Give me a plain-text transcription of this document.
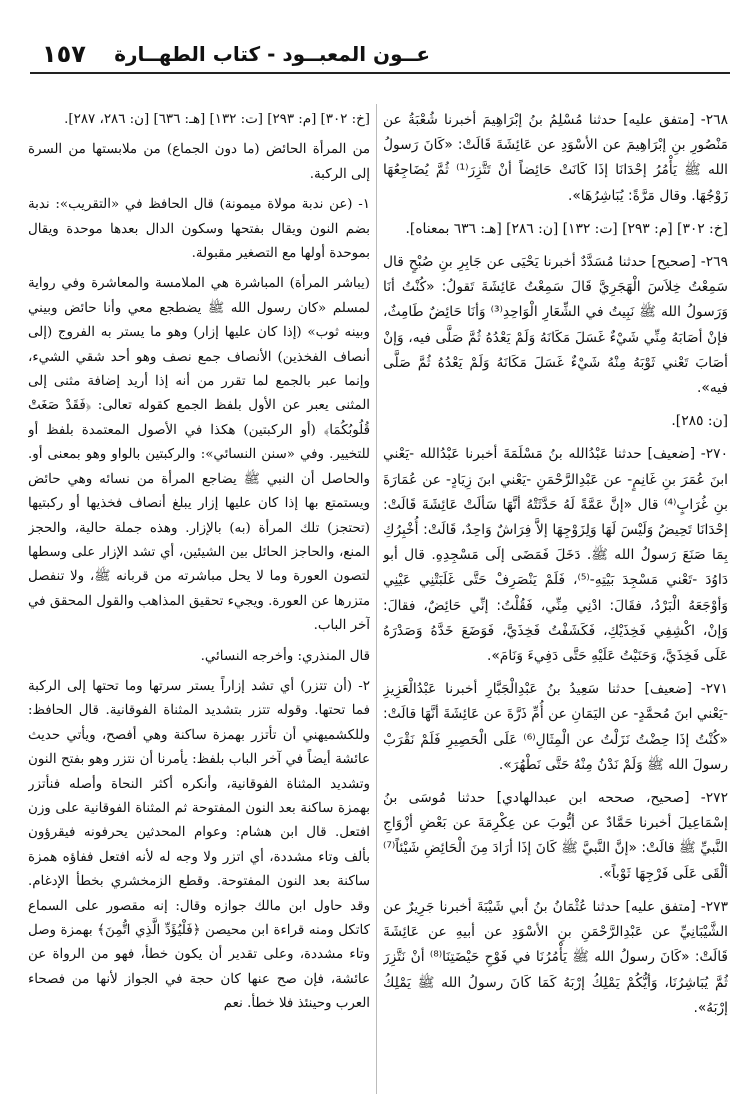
١٥٧ عــون المعبــود - كتاب الطهــارة

٢٦٨- [متفق عليه] حدثنا مُسْلِمُ بنُ إبْرَاهِيمَ أخبرنا شُعْبَةُ عن مَنْصُورِ بنِ إبْرَاهِيمَ عن الأسْوَدِ عن عَائِشَةَ قَالَتْ: «كَانَ رَسولُ الله ﷺ يَأْمُرُ إحْدَانَا إذَا كَانَتْ حَائِضاً أنْ تَتَّزِرَ⁽¹⁾ ثُمَّ يُضَاجِعُهَا زَوْجُهَا. وقال مَرَّةً: يُبَاشِرُهَا».

[خ: ٣٠٢] [م: ٢٩٣] [ت: ١٣٢] [ن: ٢٨٦] [هـ: ٦٣٦ بمعناه].

٢٦٩- [صحيح] حدثنا مُسَدَّدٌ أخبرنا يَحْيَى عن جَابِرِ بنِ صُبْحٍ قال سَمِعْتُ خِلاَسَ الْهَجَرِيَّ قَالَ سَمِعْتُ عَائِشَةَ تَقولُ: «كُنْتُ أنَا وَرَسولُ الله ﷺ نَبِيتُ في الشِّعَارِ الْوَاحِدِ⁽³⁾ وَأنَا حَائِضٌ طَامِثٌ، فإنْ أصَابَهُ مِنِّي شَيْءٌ غَسَلَ مَكَانَهُ وَلَمْ يَعْدُهُ ثُمَّ صَلَّى فيه، وَإنْ أصَابَ تَعْني ثَوْبَهُ مِنْهُ شَيْءٌ غَسَلَ مَكَانَهُ وَلَمْ يَعْدُهُ ثُمَّ صَلَّى فيه».

[ن: ٢٨٥].

٢٧٠- [ضعيف] حدثنا عَبْدُالله بنُ مَسْلَمَةَ أخبرنا عَبْدُالله -يَعْني ابنَ عُمَرَ بنِ غَانِمٍ- عن عَبْدِالرَّحْمَنِ -يَعْني ابنَ زِيَادٍ- عن عُمَارَةَ بنِ غُرَابٍ⁽⁴⁾ قال «إنَّ عَمَّةً لَهُ حَدَّثَتْهُ أنَّهَا سَألَتْ عَائِشَةَ قَالَتْ: إحْدَانَا تَحِيضُ وَلَيْسَ لَهَا وَلِزَوْجِهَا إلاَّ فِرَاشٌ وَاحِدٌ، قَالَتْ: أُخْبِرُكِ بِمَا صَنَعَ رَسولُ الله ﷺ. دَخَلَ فَمَضَى إلَى مَسْجِدِهِ. قال أبو دَاوُدَ -تَعْني مَسْجِدَ بَيْتِهِ-⁽⁵⁾، فَلَمْ يَنْصَرِفْ حَتَّى غَلَبَتْنِي عَيْنِي وَأوْجَعَهُ الْبَرْدُ، فقَالَ: ادْنِي مِنِّي، فَقُلْتُ: إنِّي حَائِضٌ، فقالَ: وَإنْ، اكْشِفِي فَخِذَيْكِ، فَكَشَفْتُ فَخِذَيَّ، فَوَضَعَ خَدَّهُ وَصَدْرَهُ عَلَى فَخِذَيَّ، وَحَنَيْتُ عَلَيْهِ حَتَّى دَفِيءَ وَنَامَ».

٢٧١- [ضعيف] حدثنا سَعِيدُ بنُ عَبْدِالْجَبَّارِ أخبرنا عَبْدُالْعَزِيزِ -يَعْني ابنَ مُحمَّدٍ- عن اليَمَانِ عن أُمِّ ذَرَّةَ عن عَائِشَةَ أنَّهَا قالَتْ: «كُنْتُ إذَا حِضْتُ نَزَلْتُ عن الْمِثَالِ⁽⁶⁾ عَلَى الْحَصِيرِ فَلَمْ نَقْرَبْ رسولَ الله ﷺ وَلَمْ نَدْنُ مِنْهُ حَتَّى نَطْهُرَ».

٢٧٢- [صحيح، صححه ابن عبدالهادي] حدثنا مُوسَى بنُ إسْمَاعِيلَ أخبرنا حَمَّادٌ عن أيُّوبَ عن عِكْرِمَةَ عن بَعْضِ أزْوَاجِ النَّبيِّ ﷺ قالَتْ: «إنَّ النَّبيَّ ﷺ كَانَ إذَا أرَادَ مِنَ الْحَائِضِ شَيْئاً⁽⁷⁾ ألْقَى عَلَى فَرْجِهَا ثَوْباً».

٢٧٣- [متفق عليه] حدثنا عُثْمَانُ بنُ أبي شَيْبَةَ أخبرنا جَرِيرٌ عن الشَّيْبَانِيِّ عن عَبْدِالرَّحْمَنِ بنِ الأسْوَدِ عن أبيهِ عن عَائِشَةَ قَالَتْ: «كَانَ رسولُ الله ﷺ يَأْمُرُنَا في فَوْحِ حَيْضَتِنَا⁽⁸⁾ أنْ نَتَّزِرَ ثُمَّ يُبَاشِرُنَا، وَأيُّكُمْ يَمْلِكُ إرْبَهُ كَمَا كَانَ رسولُ الله ﷺ يَمْلِكُ إرْبَهُ».

[خ: ٣٠٢] [م: ٢٩٣] [ت: ١٣٢] [هـ: ٦٣٦] [ن: ٢٨٦، ٢٨٧].

من المرأة الحائض (ما دون الجماع) من ملابستها من السرة إلى الركبة.

١- (عن ندبة مولاة ميمونة) قال الحافظ في «التقريب»: ندبة بضم النون ويقال بفتحها وسكون الدال بعدها موحدة ويقال بموحدة أولها مع التصغير مقبولة.

(يباشر المرأة) المباشرة هي الملامسة والمعاشرة وفي رواية لمسلم «كان رسول الله ﷺ يضطجع معي وأنا حائض وبيني وبينه ثوب» (إذا كان عليها إزار) وهو ما يستر به الفروج (إلى أنصاف الفخذين) الأنصاف جمع نصف وهو أحد شقي الشيء، وإنما عبر بالجمع لما تقرر من أنه إذا أريد إضافة مثنى إلى المثنى يعبر عن الأول بلفظ الجمع كقوله تعالى: ﴿فَقَدْ صَغَتْ قُلُوبُكُمَا﴾ (أو الركبتين) هكذا في الأصول المعتمدة بلفظ أو للتخيير. وفي «سنن النسائي»: والركبتين بالواو وهو بمعنى أو. والحاصل أن النبي ﷺ يضاجع المرأة من نسائه وهي حائض ويستمتع بها إذا كان عليها إزار يبلغ أنصاف فخذيها أو ركبتيها (تحتجز) تلك المرأة (به) بالإزار. وهذه جملة حالية، والحجز المنع، والحاجز الحائل بين الشيئين، أي تشد الإزار على وسطها لتصون العورة وما لا يحل مباشرته من قربانه ﷺ، ولا تنفصل متزرها عن العورة. ويجيء تحقيق المذاهب والقول المحقق في آخر الباب.

قال المنذري: وأخرجه النسائي.

٢- (أن تتزر) أي تشد إزاراً يستر سرتها وما تحتها إلى الركبة فما تحتها. وقوله تتزر بتشديد المثناة الفوقانية. قال الحافظ: وللكشميهني أن تأتزر بهمزة ساكنة وهي أفصح، ويأتي حديث عائشة أيضاً في آخر الباب بلفظ: يأمرنا أن نتزر وهو بفتح النون وتشديد المثناة الفوقانية، وأنكره أكثر النحاة وأصله فنأتزر بهمزة ساكنة بعد النون المفتوحة ثم المثناة الفوقانية على وزن افتعل. قال ابن هشام: وعوام المحدثين يحرفونه فيقرؤون بألف وتاء مشددة، أي اتزر ولا وجه له لأنه افتعل ففاؤه همزة ساكنة بعد النون المفتوحة. وقطع الزمخشري بخطأ الإدغام. وقد حاول ابن مالك جوازه وقال: إنه مقصور على السماع كاتكل ومنه قراءة ابن محيصن ﴿فَلْيُؤَدِّ الَّذِي اتُّمِنَ﴾ بهمزة وصل وتاء مشددة، وعلى تقدير أن يكون خطأ، فهو من الرواة عن عائشة، فإن صح عنها كان حجة في الجواز لأنها من فصحاء العرب وحينئذ فلا خطأ. نعم
